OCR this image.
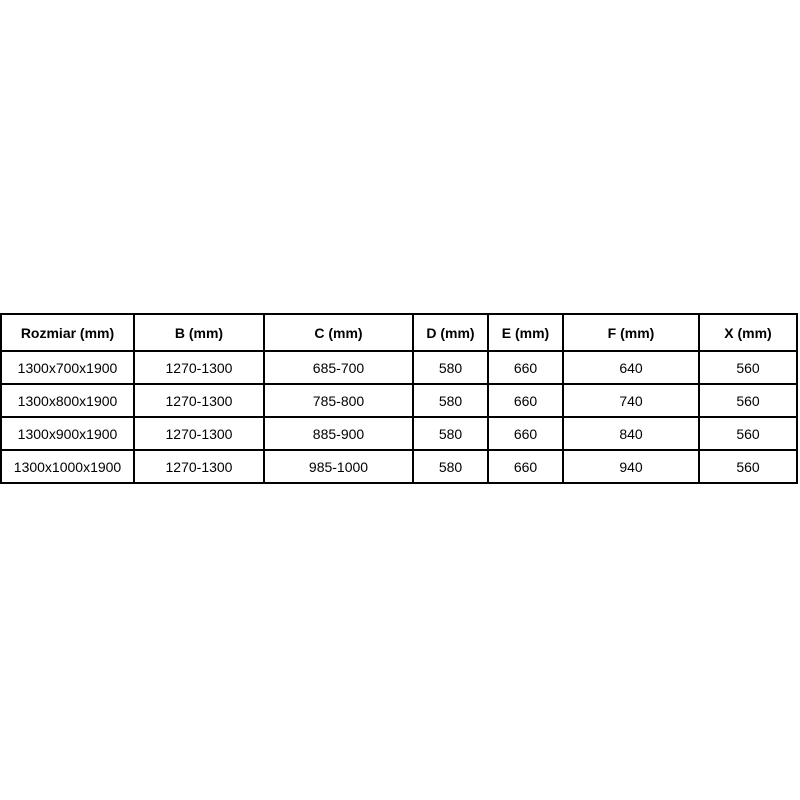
Rozmiar (mm)	B (mm)	C (mm)	D (mm)	E (mm)	F (mm)	X (mm)
1300x700x1900	1270-1300	685-700	580	660	640	560
1300x800x1900	1270-1300	785-800	580	660	740	560
1300x900x1900	1270-1300	885-900	580	660	840	560
1300x1000x1900	1270-1300	985-1000	580	660	940	560
